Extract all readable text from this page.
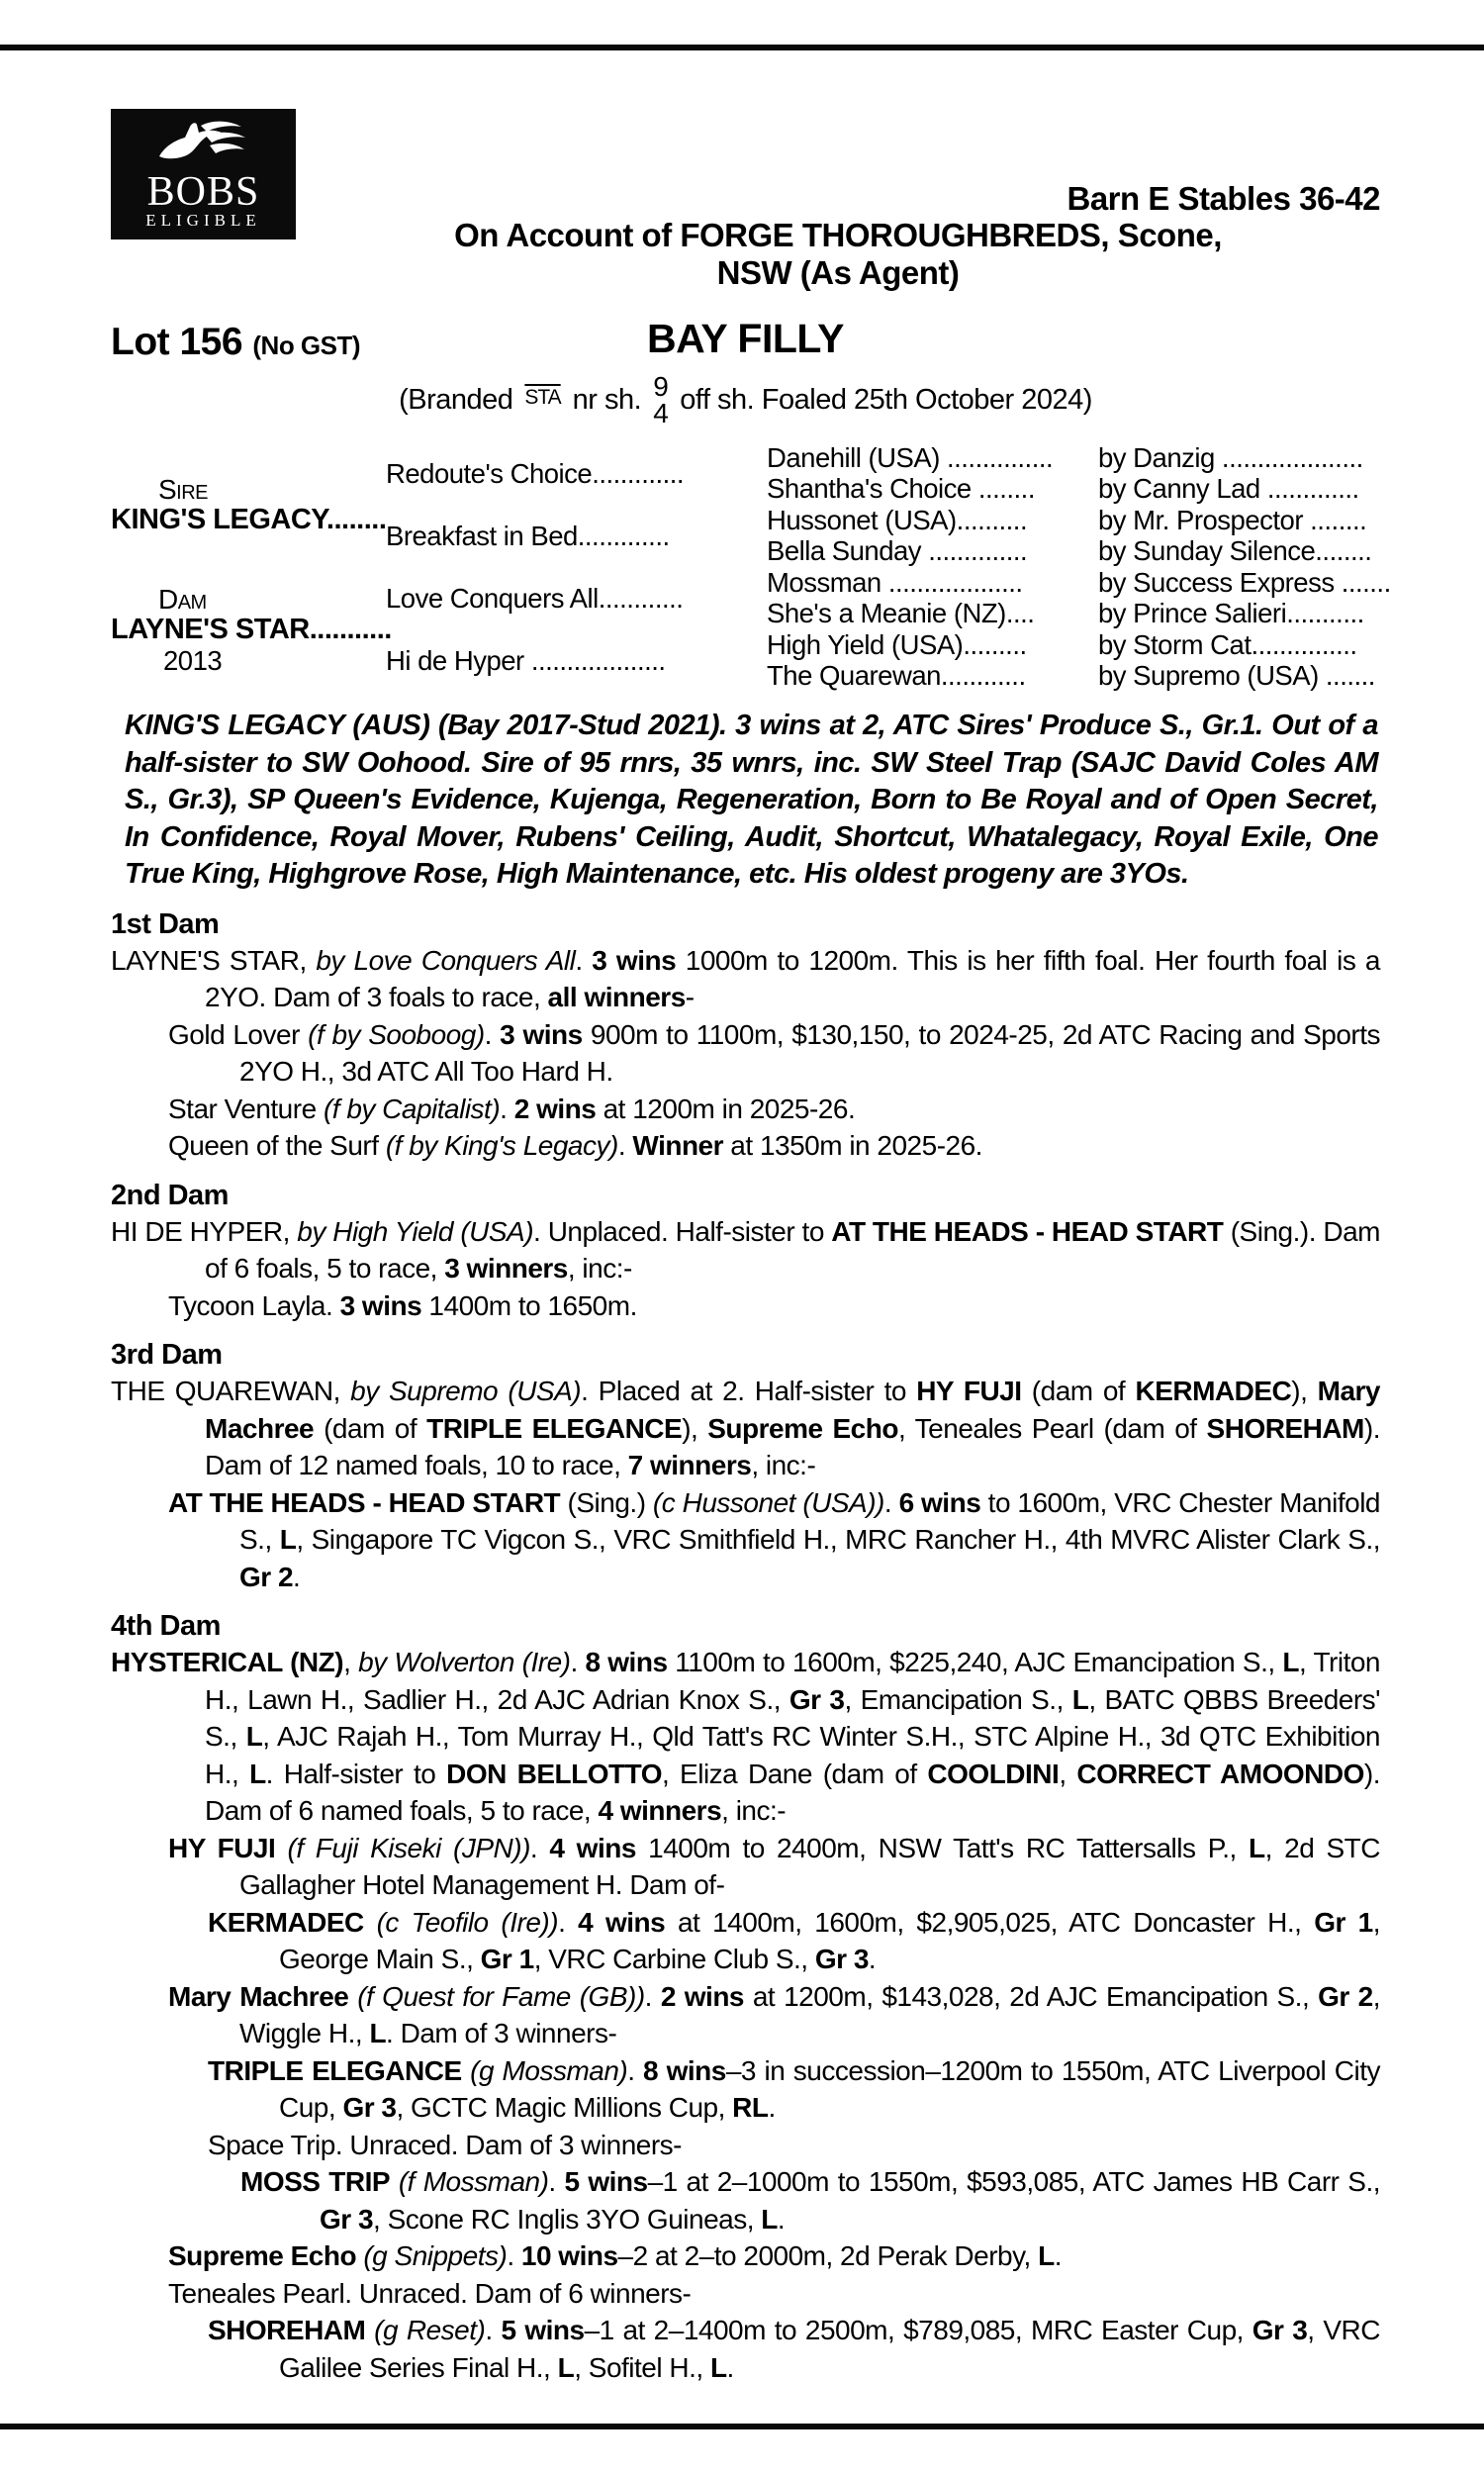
BOBS
ELIGIBLE
Barn E Stables 36-42
On Account of FORGE THOROUGHBREDS, Scone,
NSW (As Agent)
Lot 156 (No GST)	BAY FILLY
(Branded $\overline{STA}$ nr sh. 9
4 off sh. Foaled 25th October 2024)
Sire
KING'S LEGACY........
Dam
LAYNE'S STAR...........
2013
Redoute's Choice.............
Breakfast in Bed.............
Love Conquers All............
Hi de Hyper ...................
Danehill (USA) ...............	by Danzig ....................
Shantha's Choice ........	by Canny Lad .............
Hussonet (USA)..........	by Mr. Prospector ........
Bella Sunday ..............	by Sunday Silence........
Mossman ...................	by Success Express .......
She's a Meanie (NZ)....	by Prince Salieri...........
High Yield (USA).........	by Storm Cat...............
The Quarewan............	by Supremo (USA) .......
KING'S LEGACY (AUS) (Bay 2017-Stud 2021). 3 wins at 2, ATC Sires' Produce S., Gr.1. Out of a half-sister to SW Oohood. Sire of 95 rnrs, 35 wnrs, inc. SW Steel Trap (SAJC David Coles AM S., Gr.3), SP Queen's Evidence, Kujenga, Regeneration, Born to Be Royal and of Open Secret, In Confidence, Royal Mover, Rubens' Ceiling, Audit, Shortcut, Whatalegacy, Royal Exile, One True King, Highgrove Rose, High Maintenance, etc. His oldest progeny are 3YOs.
1st Dam
LAYNE'S STAR, by Love Conquers All. 3 wins 1000m to 1200m. This is her fifth foal. Her fourth foal is a 2YO. Dam of 3 foals to race, all winners-
Gold Lover (f by Sooboog). 3 wins 900m to 1100m, $130,150, to 2024-25, 2d ATC Racing and Sports 2YO H., 3d ATC All Too Hard H.
Star Venture (f by Capitalist). 2 wins at 1200m in 2025-26.
Queen of the Surf (f by King's Legacy). Winner at 1350m in 2025-26.
2nd Dam
HI DE HYPER, by High Yield (USA). Unplaced. Half-sister to AT THE HEADS - HEAD START (Sing.). Dam of 6 foals, 5 to race, 3 winners, inc:-
Tycoon Layla. 3 wins 1400m to 1650m.
3rd Dam
THE QUAREWAN, by Supremo (USA). Placed at 2. Half-sister to HY FUJI (dam of KERMADEC), Mary Machree (dam of TRIPLE ELEGANCE), Supreme Echo, Teneales Pearl (dam of SHOREHAM). Dam of 12 named foals, 10 to race, 7 winners, inc:-
AT THE HEADS - HEAD START (Sing.) (c Hussonet (USA)). 6 wins to 1600m, VRC Chester Manifold S., L, Singapore TC Vigcon S., VRC Smithfield H., MRC Rancher H., 4th MVRC Alister Clark S., Gr 2.
4th Dam
HYSTERICAL (NZ), by Wolverton (Ire). 8 wins 1100m to 1600m, $225,240, AJC Emancipation S., L, Triton H., Lawn H., Sadlier H., 2d AJC Adrian Knox S., Gr 3, Emancipation S., L, BATC QBBS Breeders' S., L, AJC Rajah H., Tom Murray H., Qld Tatt's RC Winter S.H., STC Alpine H., 3d QTC Exhibition H., L. Half-sister to DON BELLOTTO, Eliza Dane (dam of COOLDINI, CORRECT AMOONDO). Dam of 6 named foals, 5 to race, 4 winners, inc:-
HY FUJI (f Fuji Kiseki (JPN)). 4 wins 1400m to 2400m, NSW Tatt's RC Tattersalls P., L, 2d STC Gallagher Hotel Management H. Dam of-
KERMADEC (c Teofilo (Ire)). 4 wins at 1400m, 1600m, $2,905,025, ATC Doncaster H., Gr 1, George Main S., Gr 1, VRC Carbine Club S., Gr 3.
Mary Machree (f Quest for Fame (GB)). 2 wins at 1200m, $143,028, 2d AJC Emancipation S., Gr 2, Wiggle H., L. Dam of 3 winners-
TRIPLE ELEGANCE (g Mossman). 8 wins–3 in succession–1200m to 1550m, ATC Liverpool City Cup, Gr 3, GCTC Magic Millions Cup, RL.
Space Trip. Unraced. Dam of 3 winners-
MOSS TRIP (f Mossman). 5 wins–1 at 2–1000m to 1550m, $593,085, ATC James HB Carr S., Gr 3, Scone RC Inglis 3YO Guineas, L.
Supreme Echo (g Snippets). 10 wins–2 at 2–to 2000m, 2d Perak Derby, L.
Teneales Pearl. Unraced. Dam of 6 winners-
SHOREHAM (g Reset). 5 wins–1 at 2–1400m to 2500m, $789,085, MRC Easter Cup, Gr 3, VRC Galilee Series Final H., L, Sofitel H., L.
